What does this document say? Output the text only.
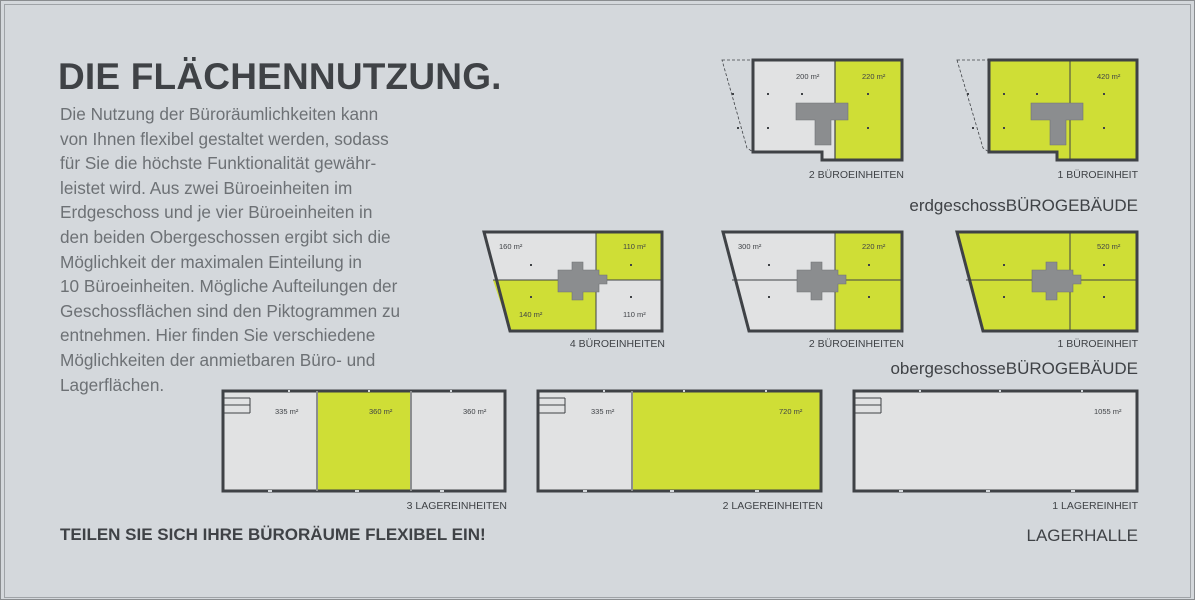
DIE FLÄCHENNUTZUNG.
Die Nutzung der Büroräumlichkeiten kann
von Ihnen flexibel gestaltet werden, sodass
für Sie die höchste Funktionalität gewähr-
leistet wird. Aus zwei Büroeinheiten im
Erdgeschoss und je vier Büroeinheiten in
den beiden Obergeschossen ergibt sich die
Möglichkeit der maximalen Einteilung in
10 Büroeinheiten. Mögliche Aufteilungen der
Geschossflächen sind den Piktogrammen zu
entnehmen. Hier finden Sie verschiedene
Möglichkeiten der anmietbaren Büro- und
Lagerflächen.
TEILEN SIE SICH IHRE BÜRORÄUME FLEXIBEL EIN!
erdgeschossBÜROGEBÄUDE
obergeschosseBÜROGEBÄUDE
LAGERHALLE
2 BÜROEINHEITEN	1 BÜROEINHEIT
4 BÜROEINHEITEN	2 BÜROEINHEITEN	1 BÜROEINHEIT
3 LAGEREINHEITEN	2 LAGEREINHEITEN	1 LAGEREINHEIT
200 m²	220 m²	420 m²
160 m²	110 m²
140 m²	110 m²
300 m²	220 m²	520 m²
335 m²	360 m²	360 m²	335 m²	720 m²	1055 m²
